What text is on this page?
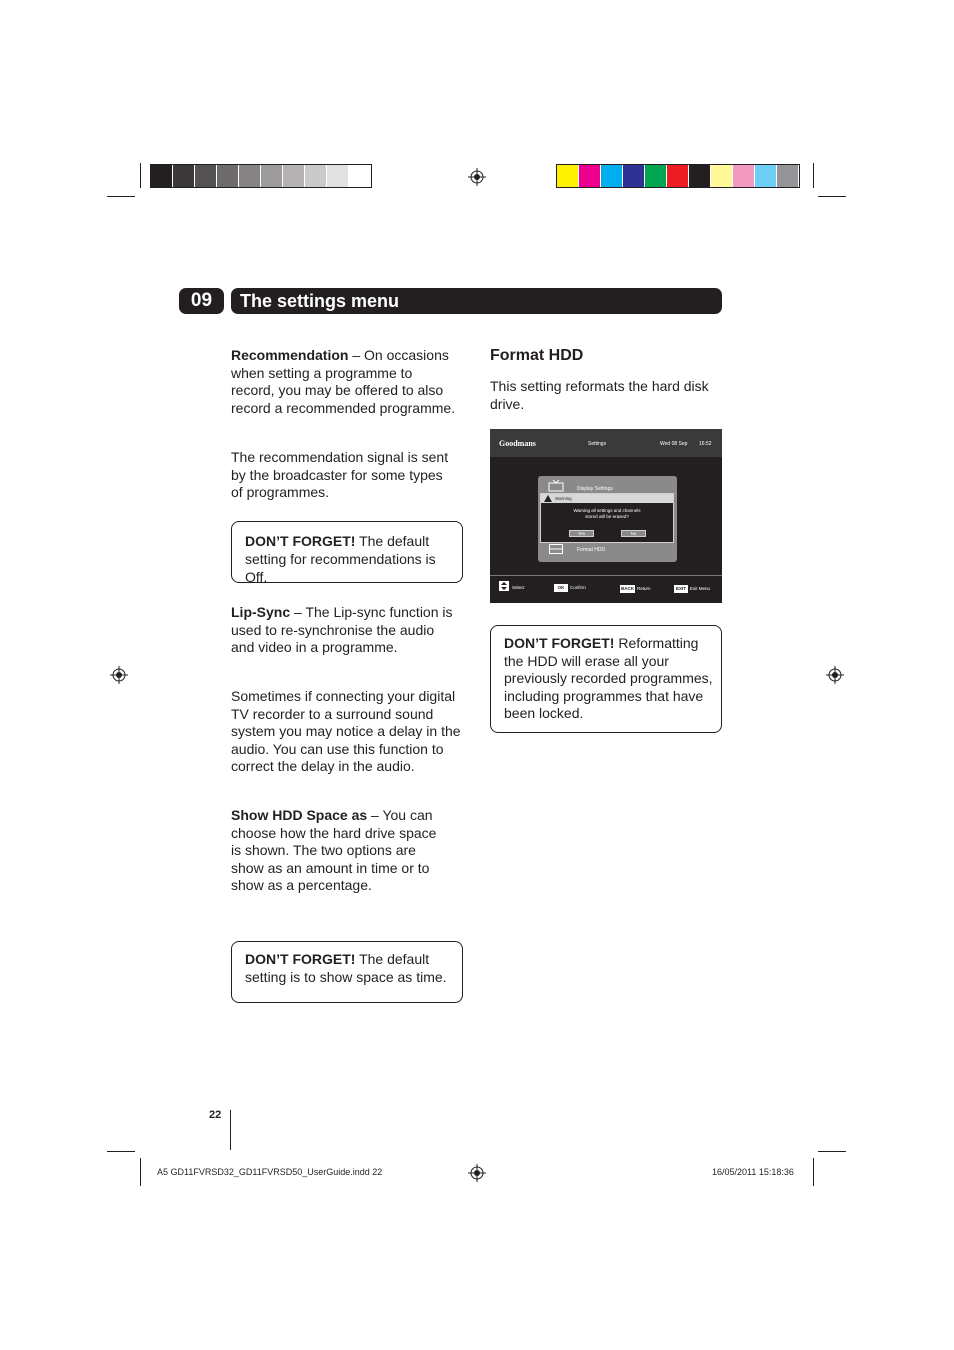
09	The settings menu
Recommendation – On occasions when setting a programme to record, you may be offered to also record a recommended programme.
The recommendation signal is sent by the broadcaster for some types of programmes.
DON’T FORGET! The default setting for recommendations is Off.
Lip-Sync – The Lip-sync function is used to re-synchronise the audio and video in a programme.
Sometimes if connecting your digital TV recorder to a surround sound system you may notice a delay in the audio. You can use this function to correct the delay in the audio.
Show HDD Space as – You can choose how the hard drive space is shown. The two options are show as an amount in time or to show as a percentage.
DON’T FORGET! The default setting is to show space as time.
Format HDD
This setting reformats the hard disk drive.
Goodmans	Settings	Wed 08 Sep 16:52
Display Settings
Warning
Warning all settings and channels
stored will be erased?
Yes	No
Format HDD
Select	OK	Confirm	BACK Return	EXIT Exit Menu
DON’T FORGET! Reformatting the HDD will erase all your previously recorded programmes, including programmes that have been locked.
22
A5 GD11FVRSD32_GD11FVRSD50_UserGuide.indd 22	16/05/2011 15:18:36
